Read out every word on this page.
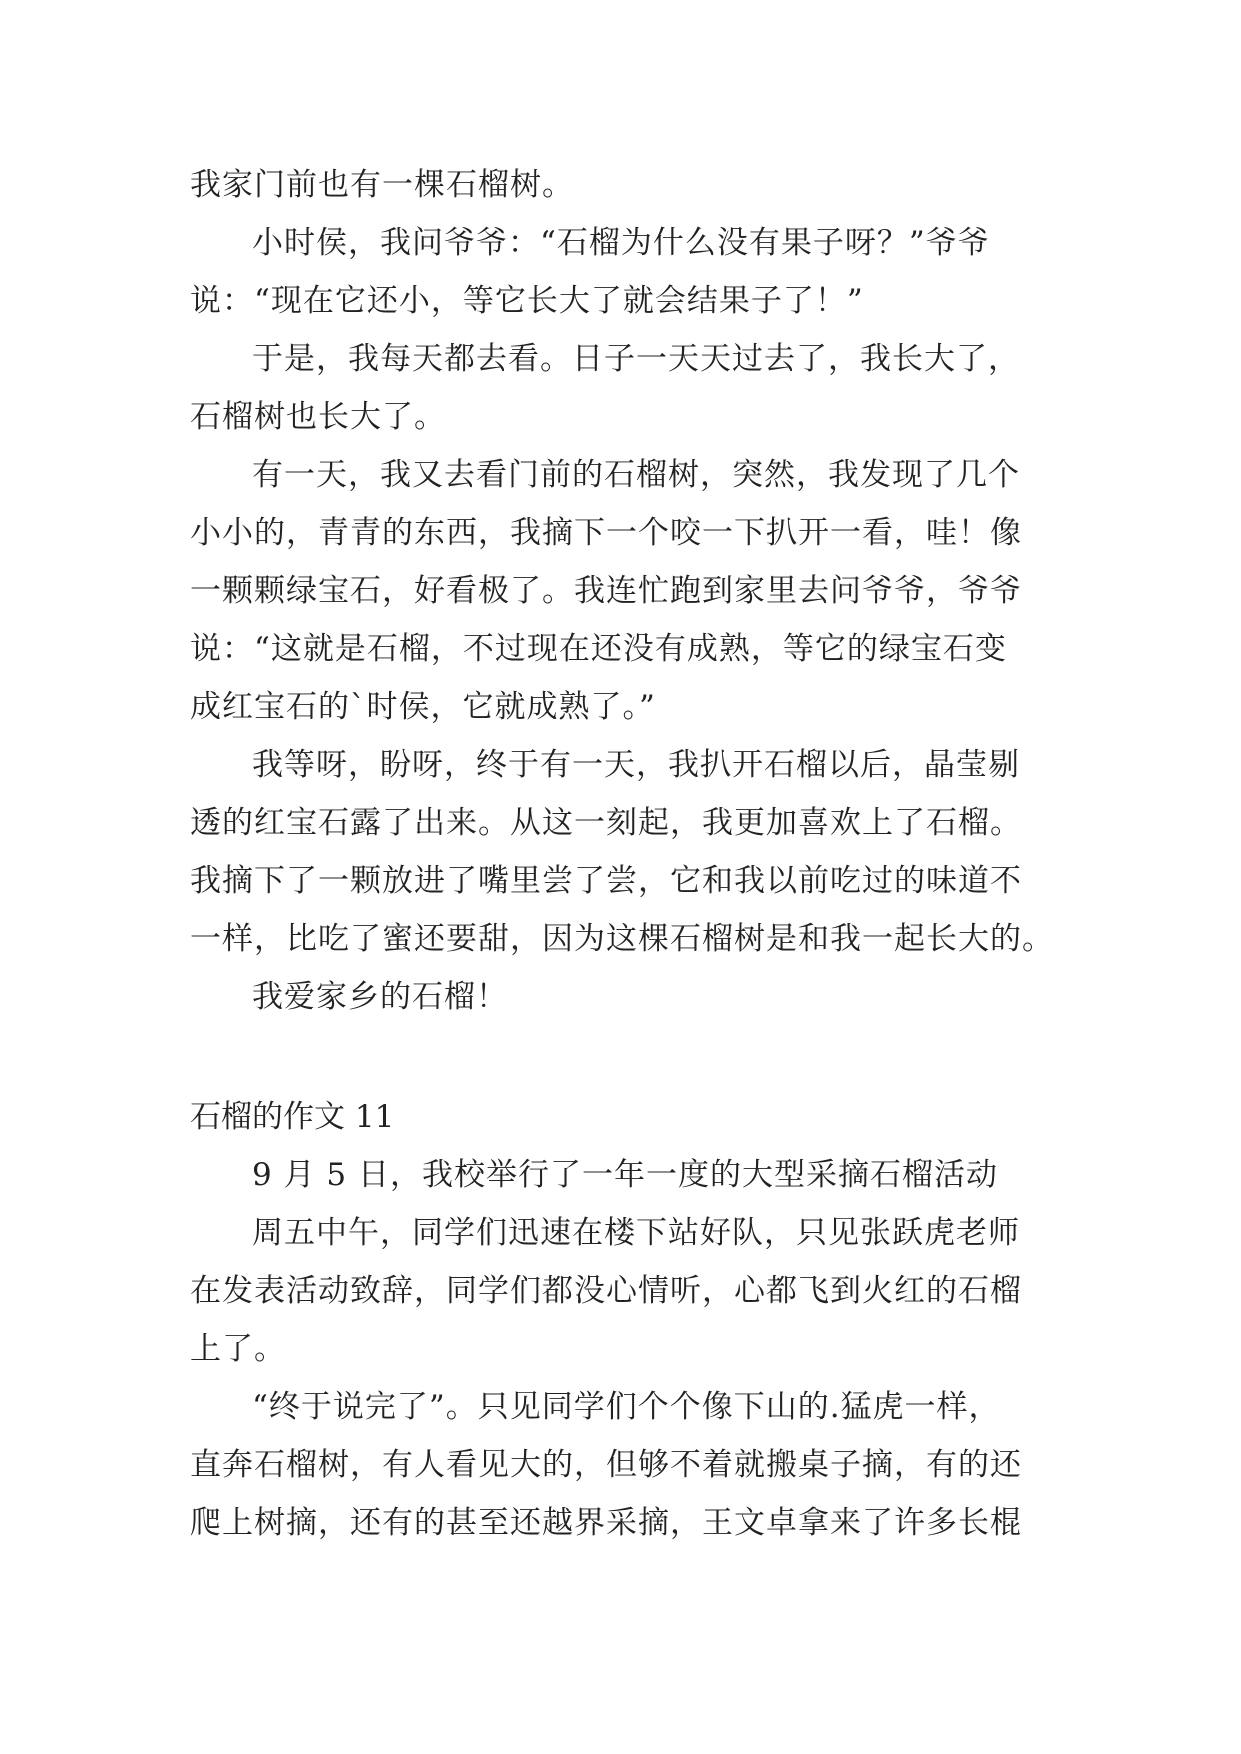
我家门前也有一棵石榴树。
小时侯，我问爷爷：“石榴为什么没有果子呀？”爷爷
说：“现在它还小，等它长大了就会结果子了！”
于是，我每天都去看。日子一天天过去了，我长大了，
石榴树也长大了。
有一天，我又去看门前的石榴树，突然，我发现了几个
小小的，青青的东西，我摘下一个咬一下扒开一看，哇！像
一颗颗绿宝石，好看极了。我连忙跑到家里去问爷爷，爷爷
说：“这就是石榴，不过现在还没有成熟，等它的绿宝石变
成红宝石的`时侯，它就成熟了。”
我等呀，盼呀，终于有一天，我扒开石榴以后，晶莹剔
透的红宝石露了出来。从这一刻起，我更加喜欢上了石榴。
我摘下了一颗放进了嘴里尝了尝，它和我以前吃过的味道不
一样，比吃了蜜还要甜，因为这棵石榴树是和我一起长大的。
我爱家乡的石榴！
石榴的作文 11
9 月 5 日，我校举行了一年一度的大型采摘石榴活动
周五中午，同学们迅速在楼下站好队，只见张跃虎老师
在发表活动致辞，同学们都没心情听，心都飞到火红的石榴
上了。
“终于说完了”。只见同学们个个像下山的.猛虎一样，
直奔石榴树，有人看见大的，但够不着就搬桌子摘，有的还
爬上树摘，还有的甚至还越界采摘，王文卓拿来了许多长棍
